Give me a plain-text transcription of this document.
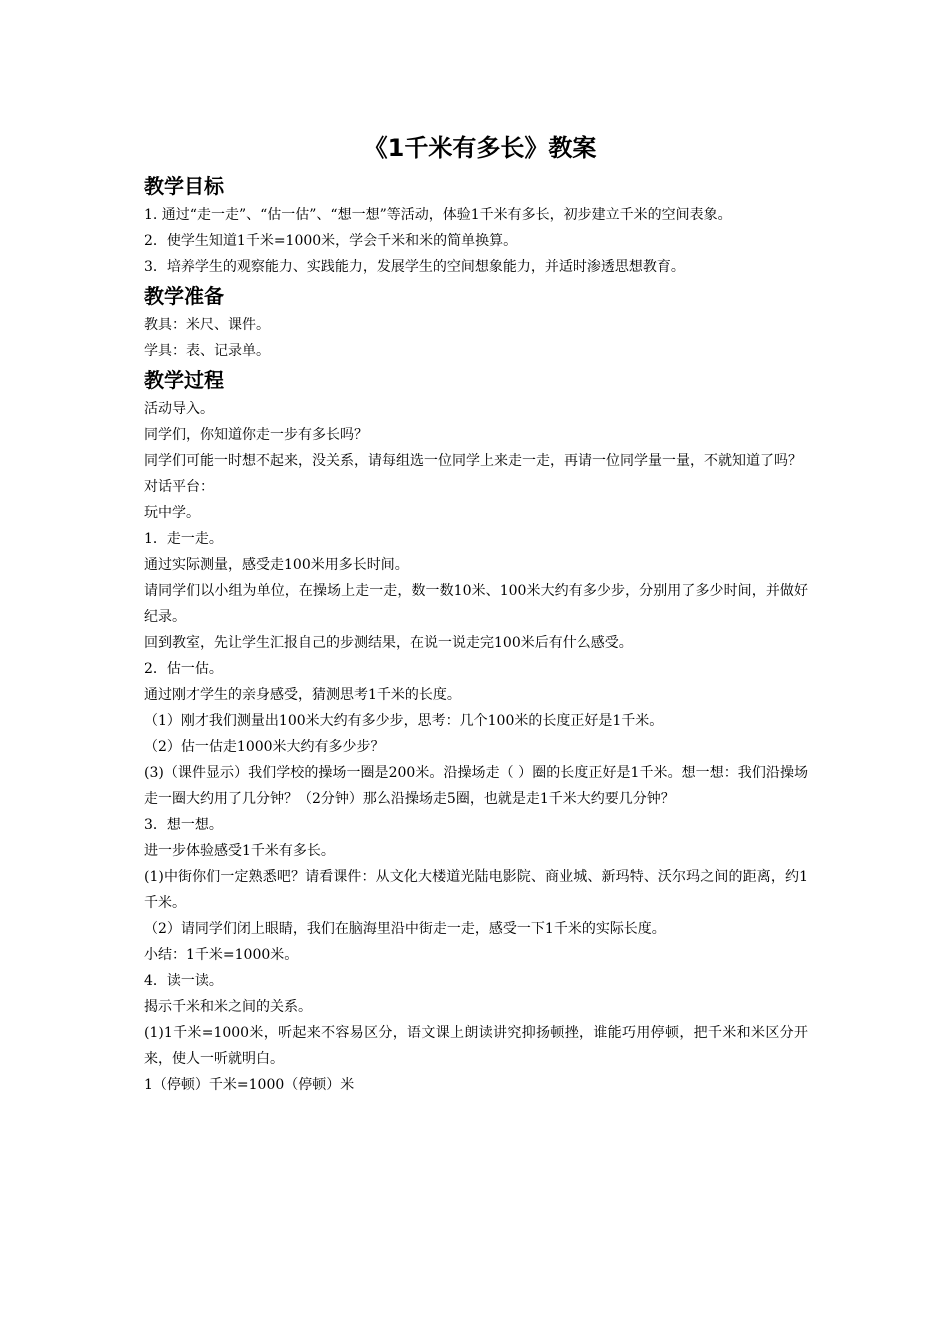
《1千米有多长》教案
教学目标

1. 通过“走一走”、“估一估”、“想一想”等活动，体验1千米有多长，初步建立千米的空间表象。

2．使学生知道1千米=1000米，学会千米和米的简单换算。

3．培养学生的观察能力、实践能力，发展学生的空间想象能力，并适时渗透思想教育。

教学准备

教具：米尺、课件。

学具：表、记录单。

教学过程

活动导入。

同学们，你知道你走一步有多长吗？

同学们可能一时想不起来，没关系，请每组选一位同学上来走一走，再请一位同学量一量，不就知道了吗？

对话平台：

玩中学。

1．走一走。

通过实际测量，感受走100米用多长时间。

请同学们以小组为单位，在操场上走一走，数一数10米、100米大约有多少步，分别用了多少时间，并做好纪录。

回到教室，先让学生汇报自己的步测结果，在说一说走完100米后有什么感受。

2．估一估。

通过刚才学生的亲身感受，猜测思考1千米的长度。

（1）刚才我们测量出100米大约有多少步，思考：几个100米的长度正好是1千米。

（2）估一估走1000米大约有多少步？

(3)（课件显示）我们学校的操场一圈是200米。沿操场走（ ）圈的长度正好是1千米。想一想：我们沿操场走一圈大约用了几分钟？（2分钟）那么沿操场走5圈，也就是走1千米大约要几分钟？

3．想一想。

进一步体验感受1千米有多长。

(1)中街你们一定熟悉吧？请看课件：从文化大楼道光陆电影院、商业城、新玛特、沃尔玛之间的距离，约1千米。

（2）请同学们闭上眼睛，我们在脑海里沿中街走一走，感受一下1千米的实际长度。

小结：1千米=1000米。

4．读一读。

揭示千米和米之间的关系。

(1)1千米=1000米，听起来不容易区分，语文课上朗读讲究抑扬顿挫，谁能巧用停顿，把千米和米区分开来，使人一听就明白。

1（停顿）千米=1000（停顿）米
